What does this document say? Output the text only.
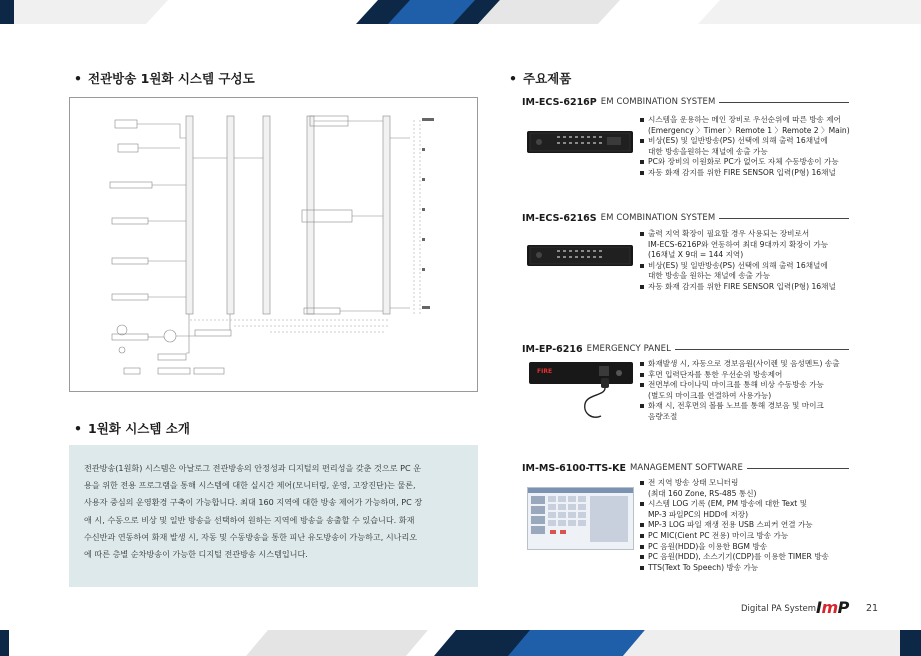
• 전관방송 1원화 시스템 구성도	• 주요제품
• 1원화 시스템 소개

전관방송(1원화) 시스템은 아날로그 전관방송의 안정성과 디지털의 편리성을 갖춘 것으로 PC 운
용을 위한 전용 프로그램을 통해 시스템에 대한 실시간 제어(모니터링, 운영, 고장진단)는 물론,
사용자 중심의 운영환경 구축이 가능합니다. 최대 160 지역에 대한 방송 제어가 가능하며, PC 장
애 시, 수동으로 비상 및 일반 방송을 선택하여 원하는 지역에 방송을 송출할 수 있습니다. 화재
수신반과 연동하여 화재 발생 시, 자동 및 수동방송을 통한 피난 유도방송이 가능하고, 시나리오
에 따른 층별 순차방송이 가능한 디지털 전관방송 시스템입니다.

IM-ECS-6216P EM COMBINATION SYSTEM
시스템을 운용하는 메인 장비로 우선순위에 따른 방송 제어
(Emergency 〉Timer 〉Remote 1 〉Remote 2 〉Main)
비상(ES) 및 일반방송(PS) 선택에 의해 출력 16채널에
대한 방송을원하는 채널에 송출 가능
PC와 장비의 이원화로 PC가 없어도 자체 수동방송이 가능
자동 화재 감지를 위한 FIRE SENSOR 입력(P형) 16채널
IM-ECS-6216S EM COMBINATION SYSTEM
출력 지역 확장이 필요할 경우 사용되는 장비로서
IM-ECS-6216P와 연동하여 최대 9대까지 확장이 가능
(16채널 X 9대 = 144 지역)
비상(ES) 및 일반방송(PS) 선택에 의해 출력 16채널에
대한 방송을 원하는 채널에 송출 가능
자동 화재 감지를 위한 FIRE SENSOR 입력(P형) 16채널
IM-EP-6216 EMERGENCY PANEL
FIRE
화재발생 시, 자동으로 경보음원(사이렌 및 음성멘트) 송출
후면 입력단자를 통한 우선순위 방송제어
전면부에 다이나믹 마이크를 통해 비상 수동방송 가능
(별도의 마이크를 연결하여 사용가능)
화재 시, 전후면의 볼륨 노브를 통해 경보음 및 마이크
음량조절
IM-MS-6100-TTS-KE MANAGEMENT SOFTWARE
전 지역 방송 상태 모니터링
(최대 160 Zone, RS-485 통신)
시스템 LOG 기록 (EM, PM 방송에 대한 Text 및
MP-3 파일PC의 HDD에 저장)
MP-3 LOG 파일 재생 전용 USB 스피커 연결 가능
PC MIC(Cient PC 전용) 마이크 방송 가능
PC 음원(HDD)을 이용한 BGM 방송
PC 음원(HDD), 소스기기(CDP)를 이용한 TIMER 방송
TTS(Text To Speech) 방송 가능
Digital PA System ImP 21
